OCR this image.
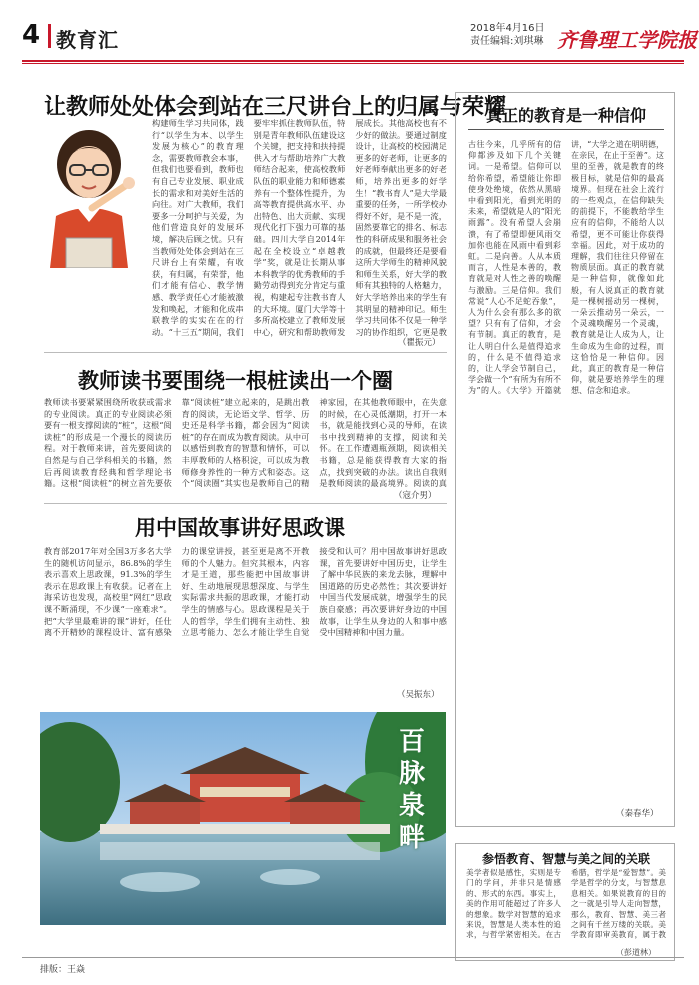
4 教育汇	2018年4月16日
责任编辑:刘琪琳 齐鲁理工学院报
让教师处处体会到站在三尺讲台上的归属与荣耀
构建师生学习共同体，践行“以学生为本、以学生发展为核心”的教育理念，需要教师教会本事，但我们也要看到，教师也有自己专业发展、职业成长的需求和对美好生活的向往。对广大教师，我们要多一分呵护与关爱，为他们营造良好的发展环境，解决后顾之忧。只有当教师处处体会到站在三尺讲台上有荣耀，有收获，有归属，有荣誉，他们才能有信心、教学情感、教学责任心才能被激发和唤起，才能和化成串联教学的实实在在的行动。“十三五”期间，我们要牢牢抓住教师队伍，特别是青年教师队伍建设这个关键，把支持和扶持提供入才与帮助培养广大教师结合起来，使高校教师队伍的职业能力和师德素养有一个整体性提升，为高等教育提供高水平、办出特色、出大贡献、实现现代化打下强力可靠的基础。四川大学自2014年起在全校设立“卓越教学”奖，就是让长期从事本科教学的优秀教师的手勤劳动得到充分肯定与重视，构建起专注教书育人的大环境。厦门大学等十多所高校建立了教师发展中心，研究和帮助教师发展成长。其他高校也有不少好的做法。要通过制度设计，让高校的校园满足更多的好老师，让更多的好老师奉献出更多的好老师，培养出更多的好学生！“教书育人”是大学最重要的任务，一所学校办得好不好，是不是一流，固然要靠它的排名、标志性的科研成果和服务社会的成就，但最终还是要看这所大学师生的精神风貌和师生关系，好大学的教师有其独特的人格魅力，好大学培养出来的学生有其明显的精神印记。师生学习共同体不仅是一种学习的协作组织，它更是教
（瞿振元）
教师读书要围绕一根桩读出一个圈
教师读书要紧紧围绕所收获或需求的专业阅读。真正的专业阅读必须要有一根支撑阅读的“桩”，这根“阅读桩”的形成是一个漫长的阅读历程。对于教师来讲，首先要阅读的自然是与自己学科相关的书籍，然后再阅读教育经典和哲学理论书籍。这根“阅读桩”的树立首先要依靠“阅读桩”建立起来的，是跳出教育的阅读，无论语文学、哲学、历史还是科学书籍，都会因为“阅读桩”的存在而成为教育阅读。从中可以感悟到教育的智慧和情怀，可以丰厚教师的人格积淀，可以成为教师修身养性的一种方式和姿态。这个“阅读圈”其实也是教师自己的精神家园，在其他教师眼中，在失意的时候，在心灵低潮期，打开一本书，就是能找到心灵的导师，在读书中找到精神的支撑，阅读和关怀。在工作遭遇瓶颈期，阅读相关书籍，总是能获得教育大家的指点，找到突破的办法。读出自我则是教师阅读的最高境界。阅读的真
（寇介男）
用中国故事讲好思政课
教育部2017年对全国3万多名大学生的随机访问显示，86.8%的学生表示喜欢上思政课，91.3%的学生表示在思政课上有收获。记者在上海采访也发现，高校里“网红”思政课不断涌现，不少课“一座难求”。把“大学里最难讲的课”讲好，任仕离不开精妙的课程设计、富有感染力的课堂讲授，甚至更是离不开教师的个人魅力。但究其根本，内容才是王道，那些能把中国故事讲好、生动地展现思想深度、与学生实际需求共振的思政课，才能打动学生的情感与心。思政课程是关于人的哲学，学生们拥有主动性、独立思考能力、怎么才能让学生自觉接受和认可？用中国故事讲好思政课，首先要讲好中国历史，让学生了解中华民族的来龙去脉，理解中国道路的历史必然性；其次要讲好中国当代发展成就，增强学生的民族自豪感；再次要讲好身边的中国故事，让学生从身边的人和事中感受中国精神和中国力量。
（吴振东）
百脉泉畔
真正的教育是一种信仰
古往今来，几乎所有的信仰都涉及如下几个关键词。一是希望。信仰可以给你希望，希望能让你即使身处绝境，依然从黑暗中看到阳光，看到光明的未来，希望就是人的“阳光雨露”。没有希望人会崩溃，有了希望即便风雨交加你也能在风雨中看到彩虹。二是向善。人从本质而言，人性是本善的，教育就是对人性之善的唤醒与激励。三是信仰。我们常说“人心不足蛇吞象”，人为什么会有那么多的欲望？只有有了信仰，才会有节制。真正的教育，是让人明白什么是值得追求的，什么是不值得追求的，让人学会节制自己，学会做一个“有所为有所不为”的人。《大学》开篇就讲，“大学之道在明明德，在亲民，在止于至善”。这里的至善，就是教育的终极目标，就是信仰的最高境界。但现在社会上流行的一些观点，在信仰缺失的前提下，不能教给学生应有的信仰，不能给人以希望，更不可能让你获得幸福。因此，对于成功的理解，我们往往只停留在物质层面。真正的教育就是一种信仰，就像如此般，有人说真正的教育就是一棵树摇动另一棵树，一朵云推动另一朵云，一个灵魂唤醒另一个灵魂，教育就是让人成为人，让生命成为生命的过程，而这恰恰是一种信仰。因此，真正的教育是一种信仰，就是要培养学生的理想、信念和追求。
（秦春华）
参悟教育、智慧与美之间的关联
美学者似是感性，实则是专门的学问，并非只是情感的、形式的东西。事实上，美的作用可能超过了许多人的想象。数学对智慧的追求来说，智慧是人类本性的追求，与哲学紧密相关。在古希腊，哲学是“爱智慧”。美学是哲学的分支，与智慧息息相关。如果说教育的目的之一就是引导人走向智慧，那么，教育、智慧、美三者之间有千丝万缕的关联。美学教育即审美教育，属于教
（彭道林）
排版：王焱
